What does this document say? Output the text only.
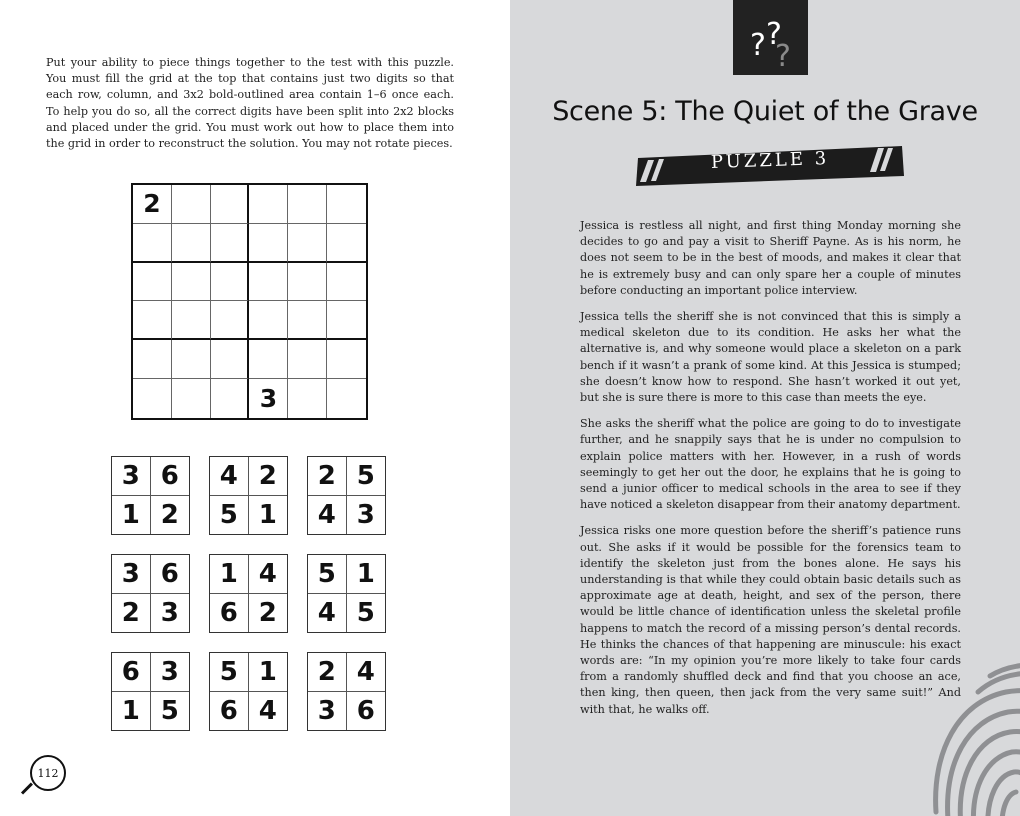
Put your ability to piece things together to the test with this puzzle. You must fill the grid at the top that contains just two digits so that each row, column, and 3x2 bold-outlined area contain 1–6 once each. To help you do so, all the correct digits have been split into 2x2 blocks and placed under the grid. You must work out how to place them into the grid in order to reconstruct the solution. You may not rotate pieces.

2
3
3 6
1 2
4 2
5 1
2 5
4 3
3 6
2 3
1 4
6 2
5 1
4 5
6 3
1 5
5 1
6 4
2 4
3 6
112
? ?
?
Scene 5: The Quiet of the Grave
PUZZLE 3

Jessica is restless all night, and first thing Monday morning she decides to go and pay a visit to Sheriff Payne. As is his norm, he does not seem to be in the best of moods, and makes it clear that he is extremely busy and can only spare her a couple of minutes before conducting an important police interview.

Jessica tells the sheriff she is not convinced that this is simply a medical skeleton due to its condition. He asks her what the alternative is, and why someone would place a skeleton on a park bench if it wasn’t a prank of some kind. At this Jessica is stumped; she doesn’t know how to respond. She hasn’t worked it out yet, but she is sure there is more to this case than meets the eye.

She asks the sheriff what the police are going to do to investigate further, and he snappily says that he is under no compulsion to explain police matters with her. However, in a rush of words seemingly to get her out the door, he explains that he is going to send a junior officer to medical schools in the area to see if they have noticed a skeleton disappear from their anatomy department.

Jessica risks one more question before the sheriff’s patience runs out. She asks if it would be possible for the forensics team to identify the skeleton just from the bones alone. He says his understanding is that while they could obtain basic details such as approximate age at death, height, and sex of the person, there would be little chance of identification unless the skeletal profile happens to match the record of a missing person’s dental records. He thinks the chances of that happening are minuscule: his exact words are: “In my opinion you’re more likely to take four cards from a randomly shuffled deck and find that you choose an ace, then king, then queen, then jack from the very same suit!” And with that, he walks off.
